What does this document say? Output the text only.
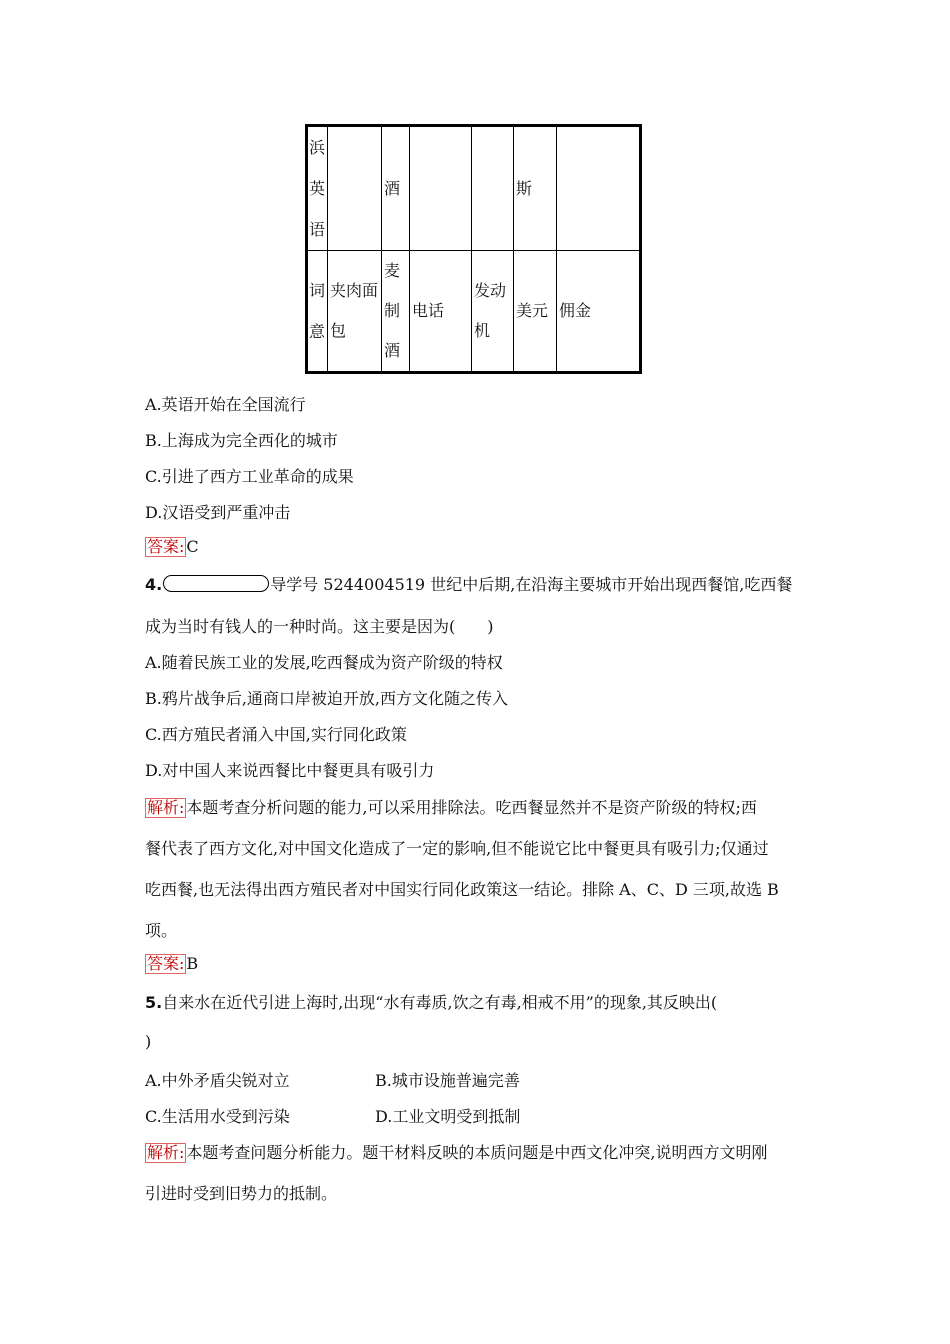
浜英语		酒			斯	
词意	夹肉面包	麦制酒	电话	发动机	美元	佣金
A.英语开始在全国流行
B.上海成为完全西化的城市
C.引进了西方工业革命的成果
D.汉语受到严重冲击
答案: C
4.	导学号 5244004519 世纪中后期,在沿海主要城市开始出现西餐馆,吃西餐
成为当时有钱人的一种时尚。这主要是因为(　　)
A.随着民族工业的发展,吃西餐成为资产阶级的特权
B.鸦片战争后,通商口岸被迫开放,西方文化随之传入
C.西方殖民者涌入中国,实行同化政策
D.对中国人来说西餐比中餐更具有吸引力
解析: 本题考查分析问题的能力,可以采用排除法。吃西餐显然并不是资产阶级的特权;西
餐代表了西方文化,对中国文化造成了一定的影响,但不能说它比中餐更具有吸引力;仅通过
吃西餐,也无法得出西方殖民者对中国实行同化政策这一结论。排除 A、C、D 三项,故选 B
项。
答案: B
5.自来水在近代引进上海时,出现“水有毒质,饮之有毒,相戒不用”的现象,其反映出(
)
A.中外矛盾尖锐对立	B.城市设施普遍完善
C.生活用水受到污染	D.工业文明受到抵制
解析: 本题考查问题分析能力。题干材料反映的本质问题是中西文化冲突,说明西方文明刚
引进时受到旧势力的抵制。
